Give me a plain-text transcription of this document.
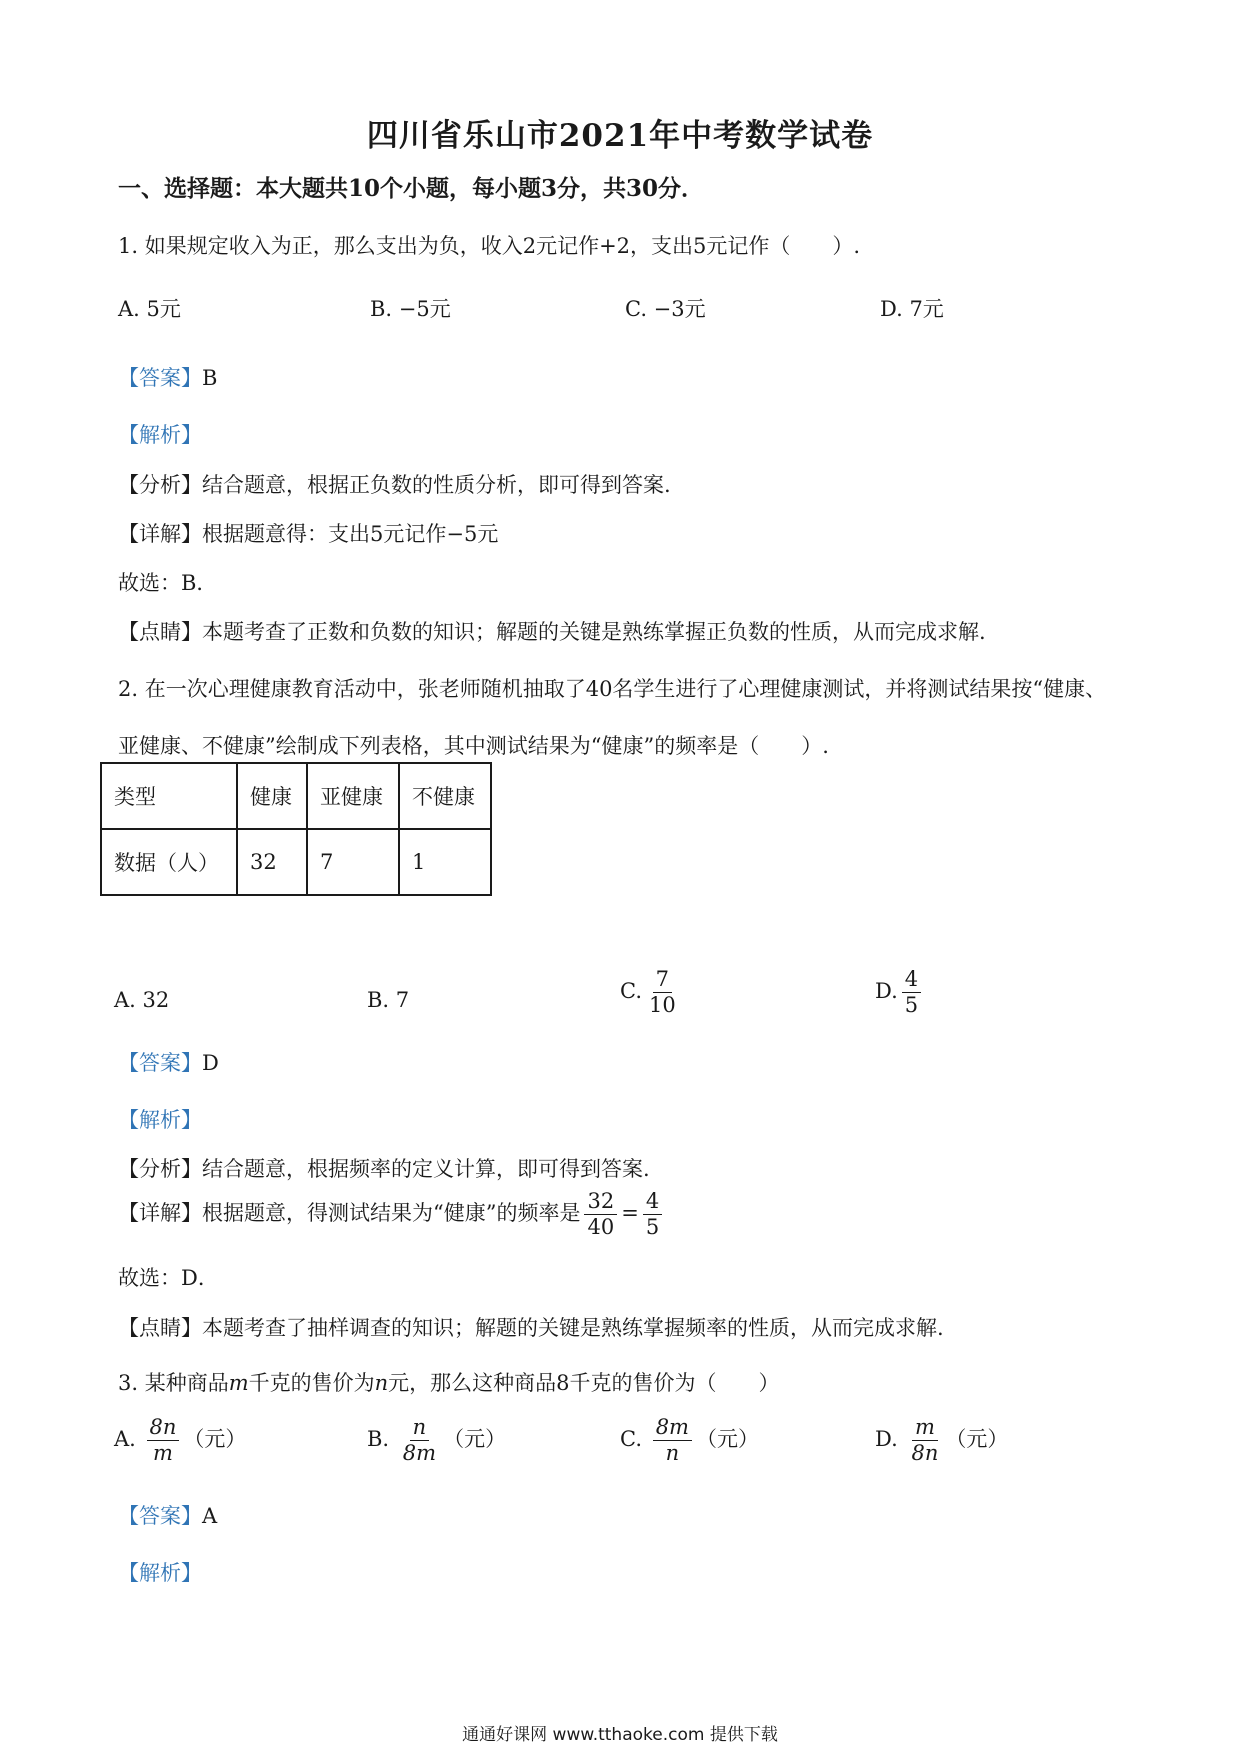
四川省乐山市2021年中考数学试卷
一、选择题：本大题共10个小题，每小题3分，共30分．
1. 如果规定收入为正，那么支出为负，收入2元记作+2，支出5元记作（　　）.
A. 5元	B. −5元	C. −3元	D. 7元
【答案】B
【解析】
【分析】结合题意，根据正负数的性质分析，即可得到答案.
【详解】根据题意得：支出5元记作−5元
故选：B．
【点睛】本题考查了正数和负数的知识；解题的关键是熟练掌握正负数的性质，从而完成求解.
2. 在一次心理健康教育活动中，张老师随机抽取了40名学生进行了心理健康测试，并将测试结果按“健康、
亚健康、不健康”绘制成下列表格，其中测试结果为“健康”的频率是（　　）.
类型	健康	亚健康	不健康
数据（人）	32	7	1
A. 32	B. 7	C. $\frac{7}{10}$	D. $\frac{4}{5}$
【答案】D
【解析】
【分析】结合题意，根据频率的定义计算，即可得到答案.
【详解】根据题意，得测试结果为“健康”的频率是 $\frac{32}{40} = \frac{4}{5}$
故选：D．
【点睛】本题考查了抽样调查的知识；解题的关键是熟练掌握频率的性质，从而完成求解.
3. 某种商品m千克的售价为n元，那么这种商品8千克的售价为（　　）
A. $\frac{8n}{m}$ （元）	B. $\frac{n}{8m}$ （元）	C. $\frac{8m}{n}$ （元）	D. $\frac{m}{8n}$ （元）
【答案】A
【解析】
通通好课网 www.tthaoke.com 提供下载
